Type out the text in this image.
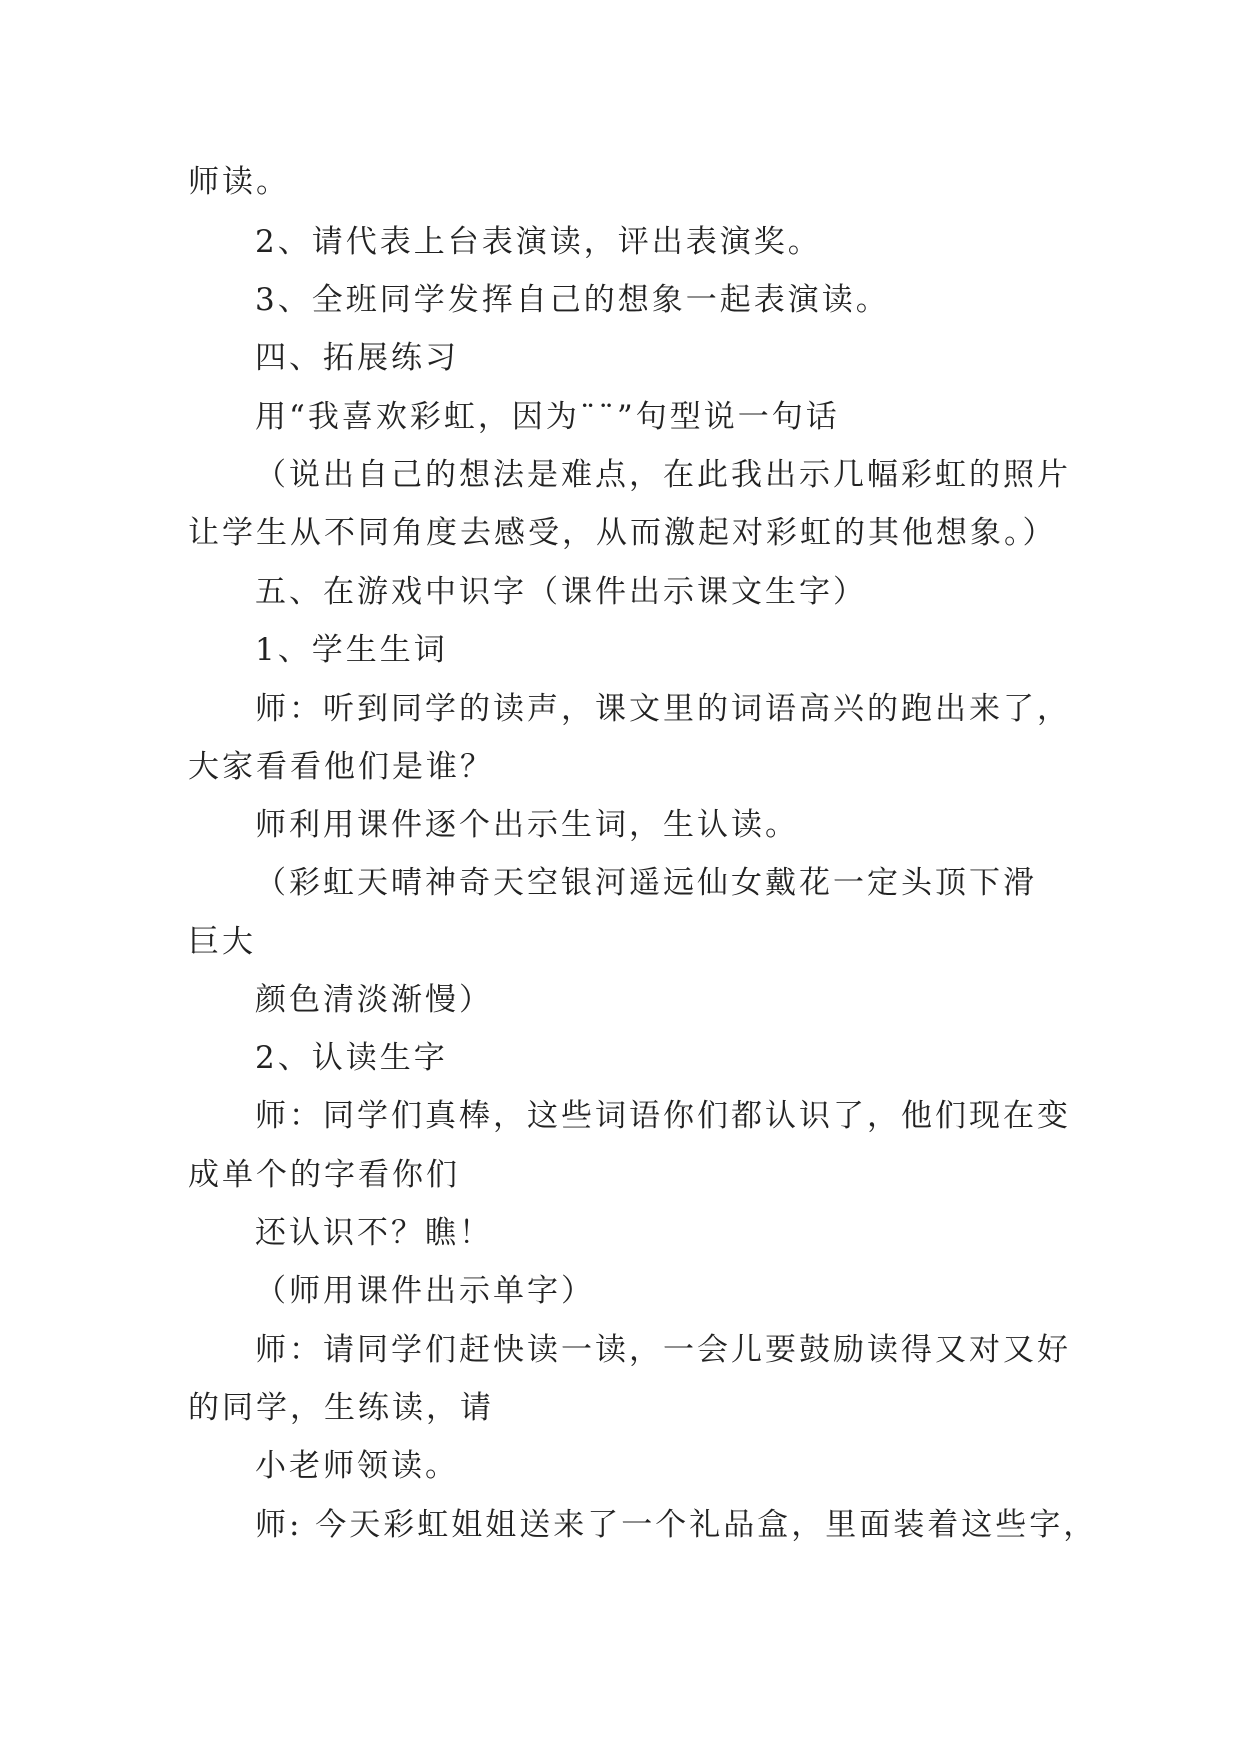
师读。
2、请代表上台表演读，评出表演奖。
3、全班同学发挥自己的想象一起表演读。
四、拓展练习
用“我喜欢彩虹，因为¨¨”句型说一句话
（说出自己的想法是难点，在此我出示几幅彩虹的照片
让学生从不同角度去感受，从而激起对彩虹的其他想象。）
五、在游戏中识字（课件出示课文生字）
1、学生生词
师：听到同学的读声，课文里的词语高兴的跑出来了，
大家看看他们是谁？
师利用课件逐个出示生词，生认读。
（彩虹天晴神奇天空银河遥远仙女戴花一定头顶下滑
巨大
颜色清淡渐慢）
2、认读生字
师：同学们真棒，这些词语你们都认识了，他们现在变
成单个的字看你们
还认识不？瞧！
（师用课件出示单字）
师：请同学们赶快读一读，一会儿要鼓励读得又对又好
的同学，生练读，请
小老师领读。
师: 今天彩虹姐姐送来了一个礼品盒，里面装着这些字，
